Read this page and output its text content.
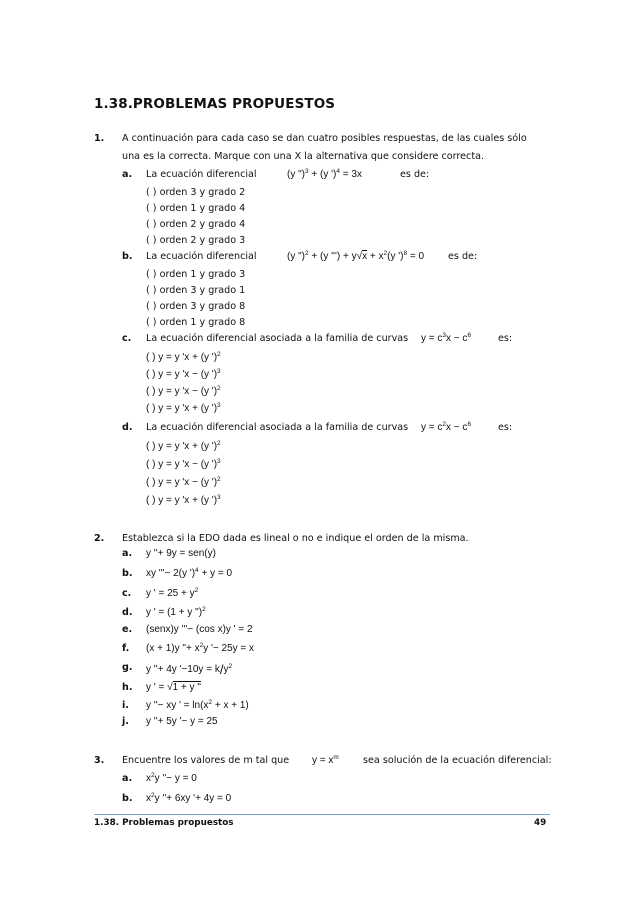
1.38.PROBLEMAS PROPUESTOS
1. A continuación para cada caso se dan cuatro posibles respuestas, de las cuales sólo
una es la correcta. Marque con una X la alternativa que considere correcta.
a. La ecuación diferencial	(y ")$^3$ + (y ')$^4$ = 3x	es de:
( ) orden 3 y grado 2
( ) orden 1 y grado 4
( ) orden 2 y grado 4
( ) orden 2 y grado 3
b. La ecuación diferencial	(y ")$^2$ + (y ''') + $y√x + x^2(y$ ')$^8$ = 0 es de:
( ) orden 1 y grado 3
( ) orden 3 y grado 1
( ) orden 3 y grado 8
( ) orden 1 y grado 8
c. La ecuación diferencial asociada a la familia de curvas $y = c^3x - c^6$	es:
( ) y = y 'x + (y ')$^2$
( ) y = y 'x − (y ')$^3$
( ) y = y 'x − (y ')$^2$
( ) y = y 'x + (y ')$^3$
d. La ecuación diferencial asociada a la familia de curvas $y = c^2x - c^6$	es:
( ) y = y 'x + (y ')$^2$
( ) y = y 'x − (y ')$^3$
( ) y = y 'x − (y ')$^2$
( ) y = y 'x + (y ')$^3$
2. Establezca si la EDO dada es lineal o no e indique el orden de la misma.
a. y ''+ 9y = sen(y)
b. xy '''− 2(y ')$^4$ + y = 0
c. y ' = $25 + y^2$
d. y ' = (1 + y ")$^2$
e. (senx)y '''− (cos x)y ' = 2
f. (x + 1)y "+ $x^2y$ '− 25y = x
g. y ''+ 4y '$-10y = k/y^2$
h. y ' = √1 + y "
i. y ''− xy ' = $\ln(x^2 + x + 1)$
j. y ''+ 5y '− y = 25
3. Encuentre los valores de m tal que $y = x^m$	sea solución de la ecuación diferencial:
a. $x^2y$ ''− y = 0
b. $x^2y$ ''+ 6xy '+ 4y = 0
1.38. Problemas propuestos	49
